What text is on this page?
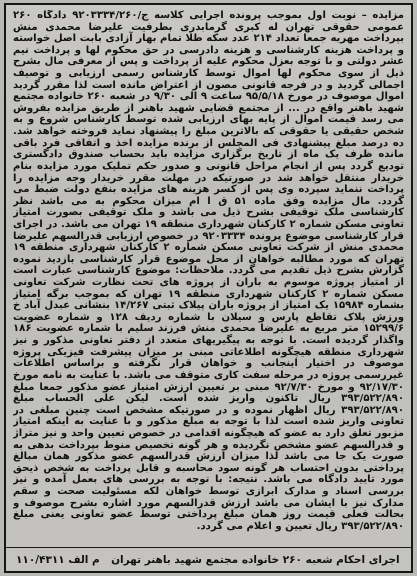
مزایده – نوبت اول بموجب پرونده اجرایی کلاسه ج/۹۲۰۳۳۳۴/۲۶۰ دادگاه ۲۶۰ عمومی حقوقی تهران له کبری گرمابدری بطرفیت علیرضا محمدی منش بپرداخت مهریه جمعا تعداد ۲۱۴ عدد سکه طلا تمام بهار آزادی بابت اصل خواسته و پرداخت هزینه کارشناسی و هزینه دادرسی در حق محکوم لها و پرداخت نیم عشر دولتی و با توجه بعزل محکوم علیه از پرداخت و پس از معرفی مال بشرح ذیل از سوی محکوم لها اموال توسط کارشناس رسمی ارزیابی و توصیف اجمالی گردید و در فرجه قانونی مصون از اعتراض مانده است لذا مقرر گردید اموال موصوف در مورخ ۹۵/۵/۱۸ ساعت ۹ الی ۹/۳۰ در شعبه ۲۶۰ خانواده مجتمع شهید باهنر واقع در ... از مجتمع قضایی شهید باهنر از طریق مزایده بفروش می رسد قیمت اموال از پایه بهای ارزیابی شده توسط کارشناس شروع و به شخص حقیقی یا حقوقی که بالاترین مبلغ را پیشنهاد نماید فروخته خواهد شد. ده درصد مبلغ پیشنهادی فی المجلس از برنده مزایده اخذ و اتفاقی فرد باقی مانده ظرف یک ماه از تاریخ برگزاری مزایده باید بحساب صندوق دادگستری تودیع گردد پس از انجام مراحل قانونی و صدور حکم تملیک مورد مزایده بنام خریدار منتقل خواهد شد در صورتیکه در مهلت مقرر خریدار وجه مزایده را پرداخت ننماید سپرده وی پس از کسر هزینه های مزایده بنفع دولت ضبط می گردد. مال مزایده وفق ماده ۵۱ ق ا ام میزان محکوم به می باشد نظر کارشناسی ملک توقیفی بشرح ذیل می باشد و ملک توقیفی بصورت امتیاز تعاونی مسکن شماره ۲ کارکنان شهرداری منطقه ۱۹ تهران می باشد. در اجرای قرار کارشناسی موضوع پرونده ۹۲۰۳۳۳۴ در خصوص ارزیابی قدرالسهم علیرضا محمدی منش از شرکت تعاونی مسکن شماره ۲ کارکنان شهرداری منطقه ۱۹ تهران که مورد مطالبه خواهان از محل موضوع قرار کارشناسی بازدید نموده گزارش بشرح ذیل تقدیم می گردد. ملاحظات: موضوع کارشناسی عبارت است از امتیاز پروژه موسوم به باران از پروژه های تحت نظارت شرکت تعاونی مسکن شماره ۲ کارکنان شهرداری منطقه ۱۹ تهران که بموجب برگه امتیاز بشماره ۱۵۹۸۴ یک امتیاز از پروژه باران پیلاک ثبتی ۱۴/۲۶۷ بنشانی عبدل آباد خ ورزش پلاک تقاطع پارس و سیلان با شماره ردیف ۱۲۸ و شماره عضویت ۱۵۲۹۹/۶ متر مربع به علیرضا محمدی منش فرزند سلیم با شماره عضویت ۱۸۶ واگذار گردیده است. با توجه به پیگیریهای متعدد از دفتر تعاونی مذکور و نیز شهرداری منطقه هیچگونه اطلاعاتی مبنی بر میزان پیشرفت فیزیکی پروژه موصوف در اختیار اینجانب و خواهان قرار نگرفته و براساس اطلاعات غیررسمی پروژه در مرحله سفت کاری متوقف می باشد. با عنایت به نامه مورخ ۹۲/۱۷/۳۰ و مورخ ۹۲/۷/۳۰ مبنی بر تعیین ارزش امتیاز عضو مذکور جمعا مبلغ ۳۹۳/۵۲۲/۸۹۰ ریال تاکنون واریز شده است. لیکن علی الحساب مبلغ ۳۹۳/۵۲۲/۸۹۰ ریال اظهار نموده و در صورتیکه مشخص است چنین مبلغی در تعاونی واریز شده است لذا با توجه به مبلغ مذکور و با عنایت به اینکه امتیاز مزبور تعلق دارد به عضو که هیچگونه اقدامی در خصوص تعیین واحد و نیز متراژ و قدرالسهم عضو مشخص نگردیده و هر گونه تخصیص منوط بپرداخت بدهی به صورت یک جا می باشد لذا میزان ارزش قدرالسهم عضو مذکور همان مبالغ پرداختی بدون احتساب هر گونه سود محاسبه و قابل پرداخت به شخص ذیحق مورد تایید دادگاه می باشد. نتیجه: با توجه به بررسی های بعمل آمده و نیز بررسی اسناد و مدارک ابرازی توسط خواهان لکه مسئولیت صحت و سقم مدارک نیز با ایشان می باشد ارزش قدرالسهم مورد اشاره بشرح موصوف و بحالت فعلی قیمت روز همان مبلغ پرداختی توسط عضو تعاونی یعنی مبلغ ۳۹۳/۵۲۲/۸۹۰ ریال تعیین و اعلام می گردد.
اجرای احکام شعبه ۲۶۰ خانواده مجتمع شهید باهنر تهران
۱۱۰/۴۳۱۱ م الف
